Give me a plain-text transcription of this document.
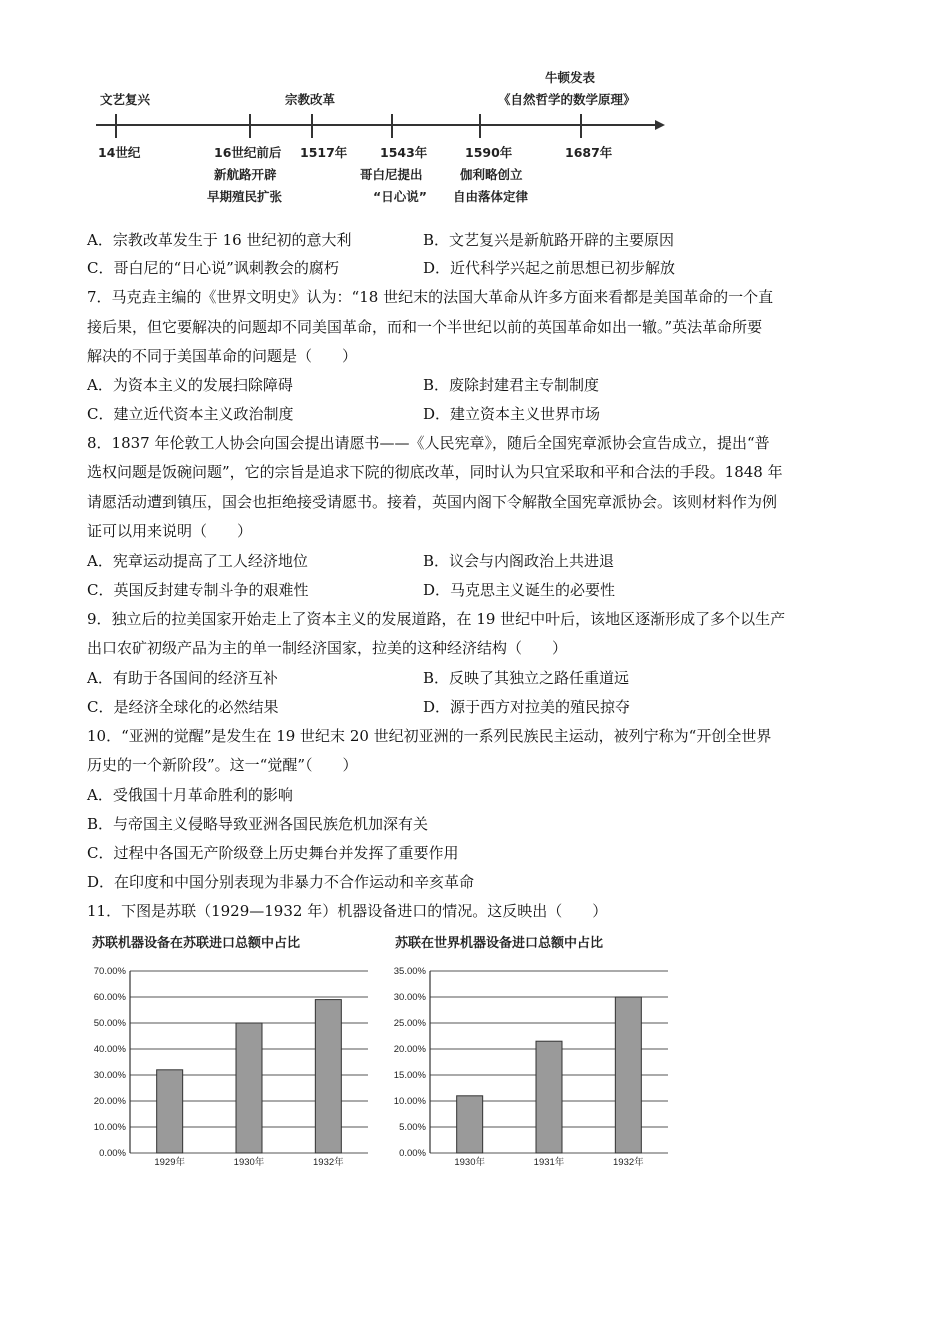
文艺复兴	宗教改革
牛顿发表
《自然哲学的数学原理》
14世纪	16世纪前后
新航路开辟
早期殖民扩张
1517年	1543年
哥白尼提出
“日心说”
1590年
伽利略创立
自由落体定律
1687年
A．宗教改革发生于 16 世纪初的意大利	B．文艺复兴是新航路开辟的主要原因
C．哥白尼的“日心说”讽刺教会的腐朽	D．近代科学兴起之前思想已初步解放
7．马克垚主编的《世界文明史》认为：“18 世纪末的法国大革命从许多方面来看都是美国革命的一个直
接后果，但它要解决的问题却不同美国革命，而和一个半世纪以前的英国革命如出一辙。”英法革命所要
解决的不同于美国革命的问题是（　　）
A．为资本主义的发展扫除障碍	B．废除封建君主专制制度
C．建立近代资本主义政治制度	D．建立资本主义世界市场
8．1837 年伦敦工人协会向国会提出请愿书——《人民宪章》，随后全国宪章派协会宣告成立，提出“普
选权问题是饭碗问题”，它的宗旨是追求下院的彻底改革，同时认为只宜采取和平和合法的手段。1848 年
请愿活动遭到镇压，国会也拒绝接受请愿书。接着，英国内阁下令解散全国宪章派协会。该则材料作为例
证可以用来说明（　　）
A．宪章运动提高了工人经济地位	B．议会与内阁政治上共进退
C．英国反封建专制斗争的艰难性	D．马克思主义诞生的必要性
9．独立后的拉美国家开始走上了资本主义的发展道路，在 19 世纪中叶后，该地区逐渐形成了多个以生产
出口农矿初级产品为主的单一制经济国家，拉美的这种经济结构（　　）
A．有助于各国间的经济互补	B．反映了其独立之路任重道远
C．是经济全球化的必然结果	D．源于西方对拉美的殖民掠夺
10．“亚洲的觉醒”是发生在 19 世纪末 20 世纪初亚洲的一系列民族民主运动，被列宁称为“开创全世界
历史的一个新阶段”。这一“觉醒”（　　）
A．受俄国十月革命胜利的影响
B．与帝国主义侵略导致亚洲各国民族危机加深有关
C．过程中各国无产阶级登上历史舞台并发挥了重要作用
D．在印度和中国分别表现为非暴力不合作运动和辛亥革命
11．下图是苏联（1929—1932 年）机器设备进口的情况。这反映出（　　）
苏联机器设备在苏联进口总额中占比	苏联在世界机器设备进口总额中占比
0.00%
10.00%
20.00%
30.00%
40.00%
50.00%
60.00%
70.00%
1929年	1930年	1932年
0.00%
5.00%
10.00%
15.00%
20.00%
25.00%
30.00%
35.00%
1930年	1931年	1932年
